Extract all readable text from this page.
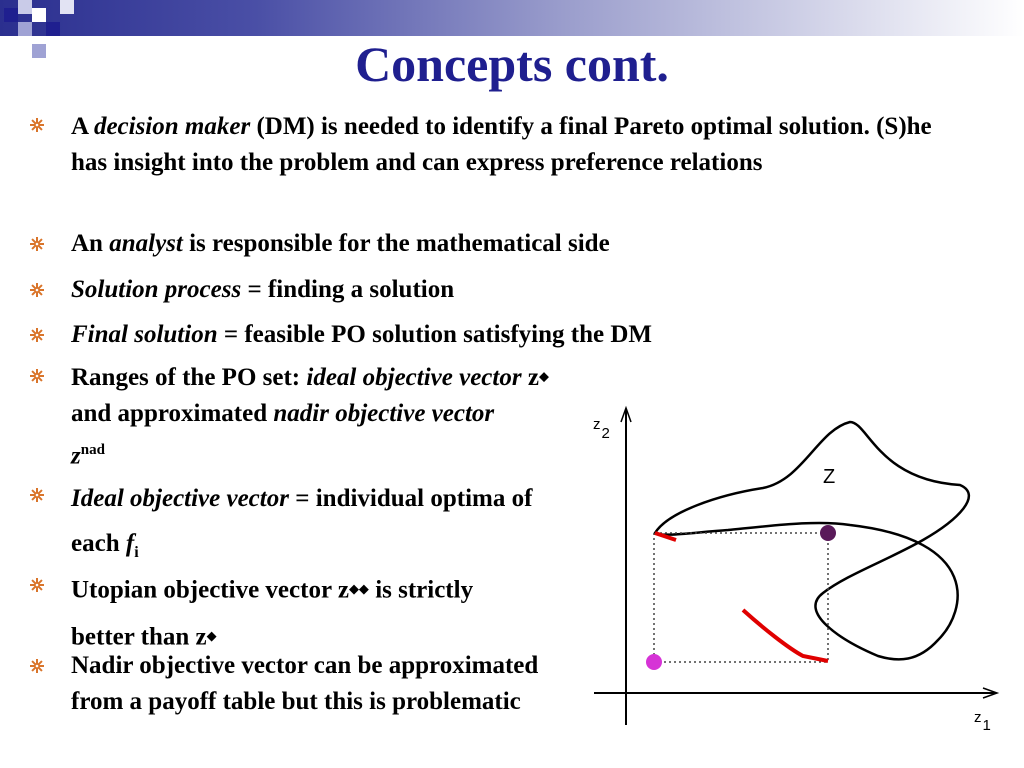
Concepts cont.
A decision maker (DM) is needed to identify a final Pareto optimal solution. (S)he has insight into the problem and can express preference relations
An analyst is responsible for the mathematical side
Solution process = finding a solution
Final solution = feasible PO solution satisfying the DM
Ranges of the PO set: ideal objective vector z◆ and approximated nadir objective vector $z^{nad}$
Ideal objective vector = individual optima of each $f_i$
Utopian objective vector z◆◆ is strictly better than z◆
Nadir objective vector can be approximated from a payoff table but this is problematic
z2
z1
Z
